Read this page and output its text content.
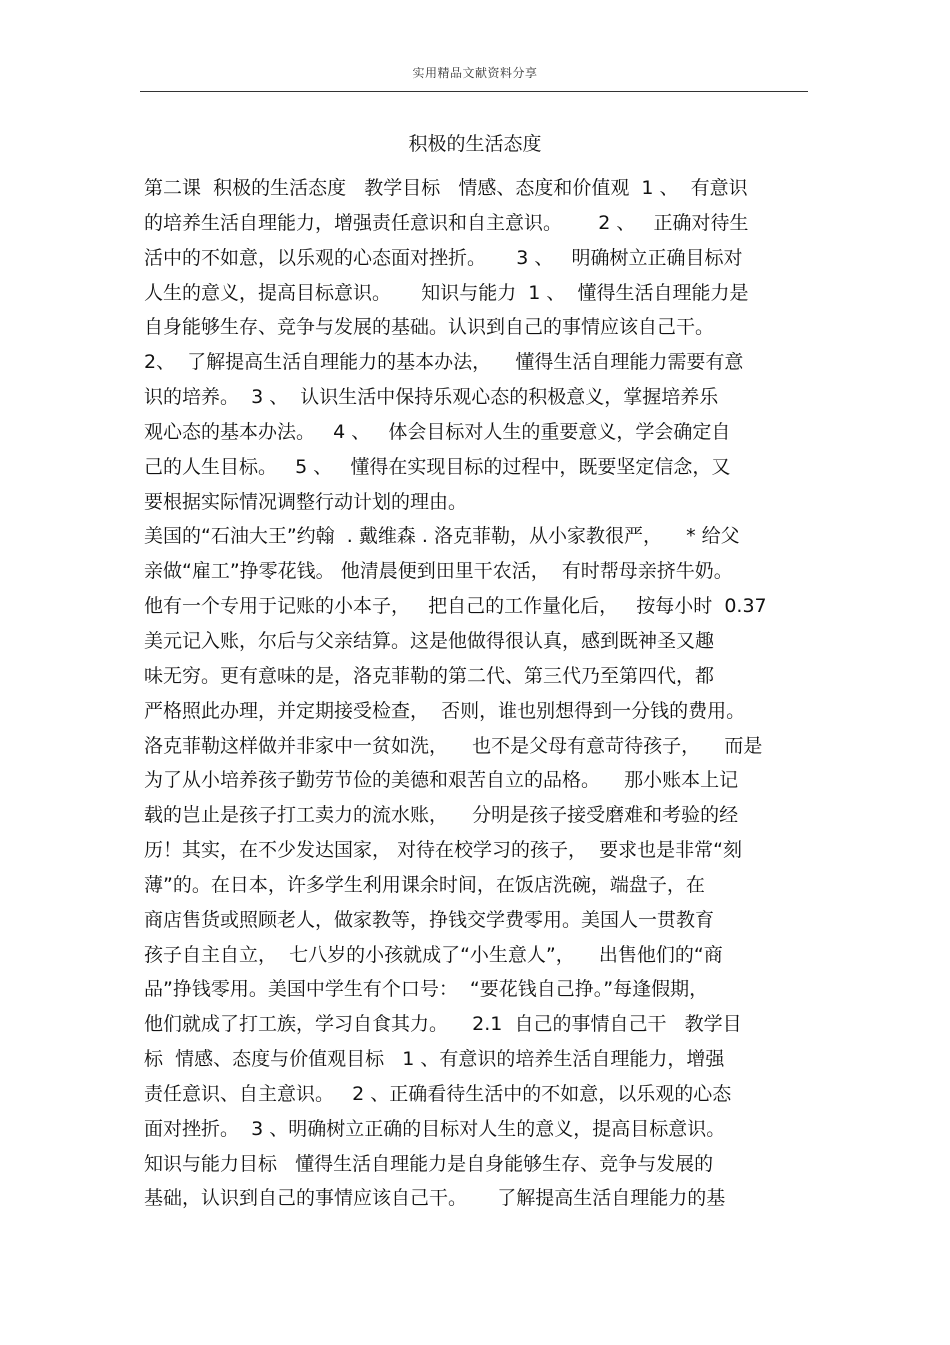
实用精品文献资料分享
积极的生活态度
第二课  积极的生活态度   教学目标   情感、态度和价值观  1 、  有意识
的培养生活自理能力，增强责任意识和自主意识。      2 、   正确对待生
活中的不如意，以乐观的心态面对挫折。     3 、   明确树立正确目标对
人生的意义，提高目标意识。     知识与能力  1 、  懂得生活自理能力是
自身能够生存、竞争与发展的基础。认识到自己的事情应该自己干。
2、  了解提高生活自理能力的基本办法，    懂得生活自理能力需要有意
识的培养。  3 、  认识生活中保持乐观心态的积极意义，掌握培养乐
观心态的基本办法。   4 、   体会目标对人生的重要意义，学会确定自
己的人生目标。   5 、   懂得在实现目标的过程中，既要坚定信念，又
要根据实际情况调整行动计划的理由。
美国的“石油大王”约翰  . 戴维森 . 洛克菲勒，从小家教很严，    * 给父
亲做“雇工”挣零花钱。 他清晨便到田里干农活，  有时帮母亲挤牛奶。
他有一个专用于记账的小本子，   把自己的工作量化后，   按每小时  0.37
美元记入账，尔后与父亲结算。这是他做得很认真，感到既神圣又趣
味无穷。更有意味的是，洛克菲勒的第二代、第三代乃至第四代，都
严格照此办理，并定期接受检查，  否则，谁也别想得到一分钱的费用。
洛克菲勒这样做并非家中一贫如洗，    也不是父母有意苛待孩子，    而是
为了从小培养孩子勤劳节俭的美德和艰苦自立的品格。    那小账本上记
载的岂止是孩子打工卖力的流水账，    分明是孩子接受磨难和考验的经
历！其实，在不少发达国家， 对待在校学习的孩子，  要求也是非常“刻
薄”的。在日本，许多学生利用课余时间，在饭店洗碗，端盘子，在
商店售货或照顾老人，做家教等，挣钱交学费零用。美国人一贯教育
孩子自主自立，  七八岁的小孩就成了“小生意人”，    出售他们的“商
品”挣钱零用。美国中学生有个口号：  “要花钱自己挣。”每逢假期，
他们就成了打工族，学习自食其力。    2.1  自己的事情自己干   教学目
标  情感、态度与价值观目标   1 、有意识的培养生活自理能力，增强
责任意识、自主意识。   2 、正确看待生活中的不如意，以乐观的心态
面对挫折。  3 、明确树立正确的目标对人生的意义，提高目标意识。
知识与能力目标   懂得生活自理能力是自身能够生存、竞争与发展的
基础，认识到自己的事情应该自己干。     了解提高生活自理能力的基
